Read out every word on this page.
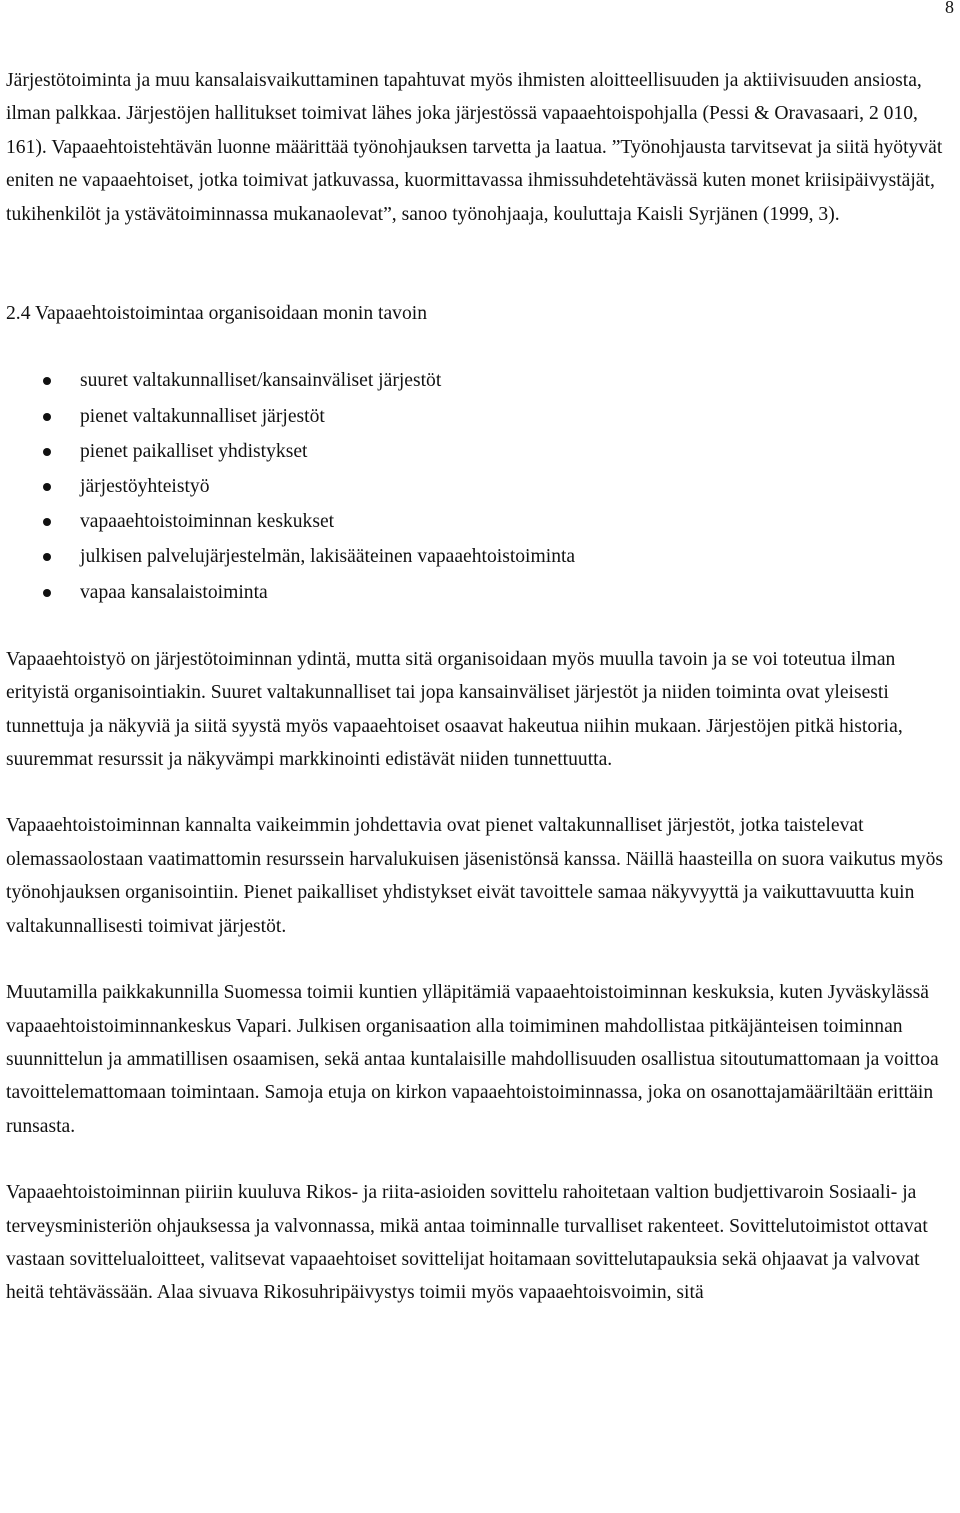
8

Järjestötoiminta ja muu kansalaisvaikuttaminen tapahtuvat myös ihmisten aloitteellisuuden ja aktiivisuuden ansiosta, ilman palkkaa. Järjestöjen hallitukset toimivat lähes joka järjestössä vapaaehtoispohjalla (Pessi & Oravasaari, 2 010, 161). Vapaaehtoistehtävän luonne määrittää työnohjauksen tarvetta ja laatua. ”Työnohjausta tarvitsevat ja siitä hyötyvät eniten ne vapaaehtoiset, jotka toimivat jatkuvassa, kuormittavassa ihmissuhdetehtävässä kuten monet kriisipäivystäjät, tukihenkilöt ja ystävätoiminnassa mukanaolevat”, sanoo työnohjaaja, kouluttaja Kaisli Syrjänen (1999, 3).

2.4 Vapaaehtoistoimintaa organisoidaan monin tavoin

suuret valtakunnalliset/kansainväliset järjestöt
pienet valtakunnalliset järjestöt
pienet paikalliset yhdistykset
järjestöyhteistyö
vapaaehtoistoiminnan keskukset
julkisen palvelujärjestelmän, lakisääteinen vapaaehtoistoiminta
vapaa kansalaistoiminta

Vapaaehtoistyö on järjestötoiminnan ydintä, mutta sitä organisoidaan myös muulla tavoin ja se voi toteutua ilman erityistä organisointiakin. Suuret valtakunnalliset tai jopa kansainväliset järjestöt ja niiden toiminta ovat yleisesti tunnettuja ja näkyviä ja siitä syystä myös vapaaehtoiset osaavat hakeutua niihin mukaan. Järjestöjen pitkä historia, suuremmat resurssit ja näkyvämpi markkinointi edistävät niiden tunnettuutta.

Vapaaehtoistoiminnan kannalta vaikeimmin johdettavia ovat pienet valtakunnalliset järjestöt, jotka taistelevat olemassaolostaan vaatimattomin resurssein harvalukuisen jäsenistönsä kanssa. Näillä haasteilla on suora vaikutus myös työnohjauksen organisointiin. Pienet paikalliset yhdistykset eivät tavoittele samaa näkyvyyttä ja vaikuttavuutta kuin valtakunnallisesti toimivat järjestöt.

Muutamilla paikkakunnilla Suomessa toimii kuntien ylläpitämiä vapaaehtoistoiminnan keskuksia, kuten Jyväskylässä vapaaehtoistoiminnankeskus Vapari. Julkisen organisaation alla toimiminen mahdollistaa pitkäjänteisen toiminnan suunnittelun ja ammatillisen osaamisen, sekä antaa kuntalaisille mahdollisuuden osallistua sitoutumattomaan ja voittoa tavoittelemattomaan toimintaan. Samoja etuja on kirkon vapaaehtoistoiminnassa, joka on osanottajamääriltään erittäin runsasta.

Vapaaehtoistoiminnan piiriin kuuluva Rikos- ja riita-asioiden sovittelu rahoitetaan valtion budjettivaroin Sosiaali- ja terveysministeriön ohjauksessa ja valvonnassa, mikä antaa toiminnalle turvalliset rakenteet. Sovittelutoimistot ottavat vastaan sovittelualoitteet, valitsevat vapaaehtoiset sovittelijat hoitamaan sovittelutapauksia sekä ohjaavat ja valvovat heitä tehtävässään. Alaa sivuava Rikosuhripäivystys toimii myös vapaaehtoisvoimin, sitä
